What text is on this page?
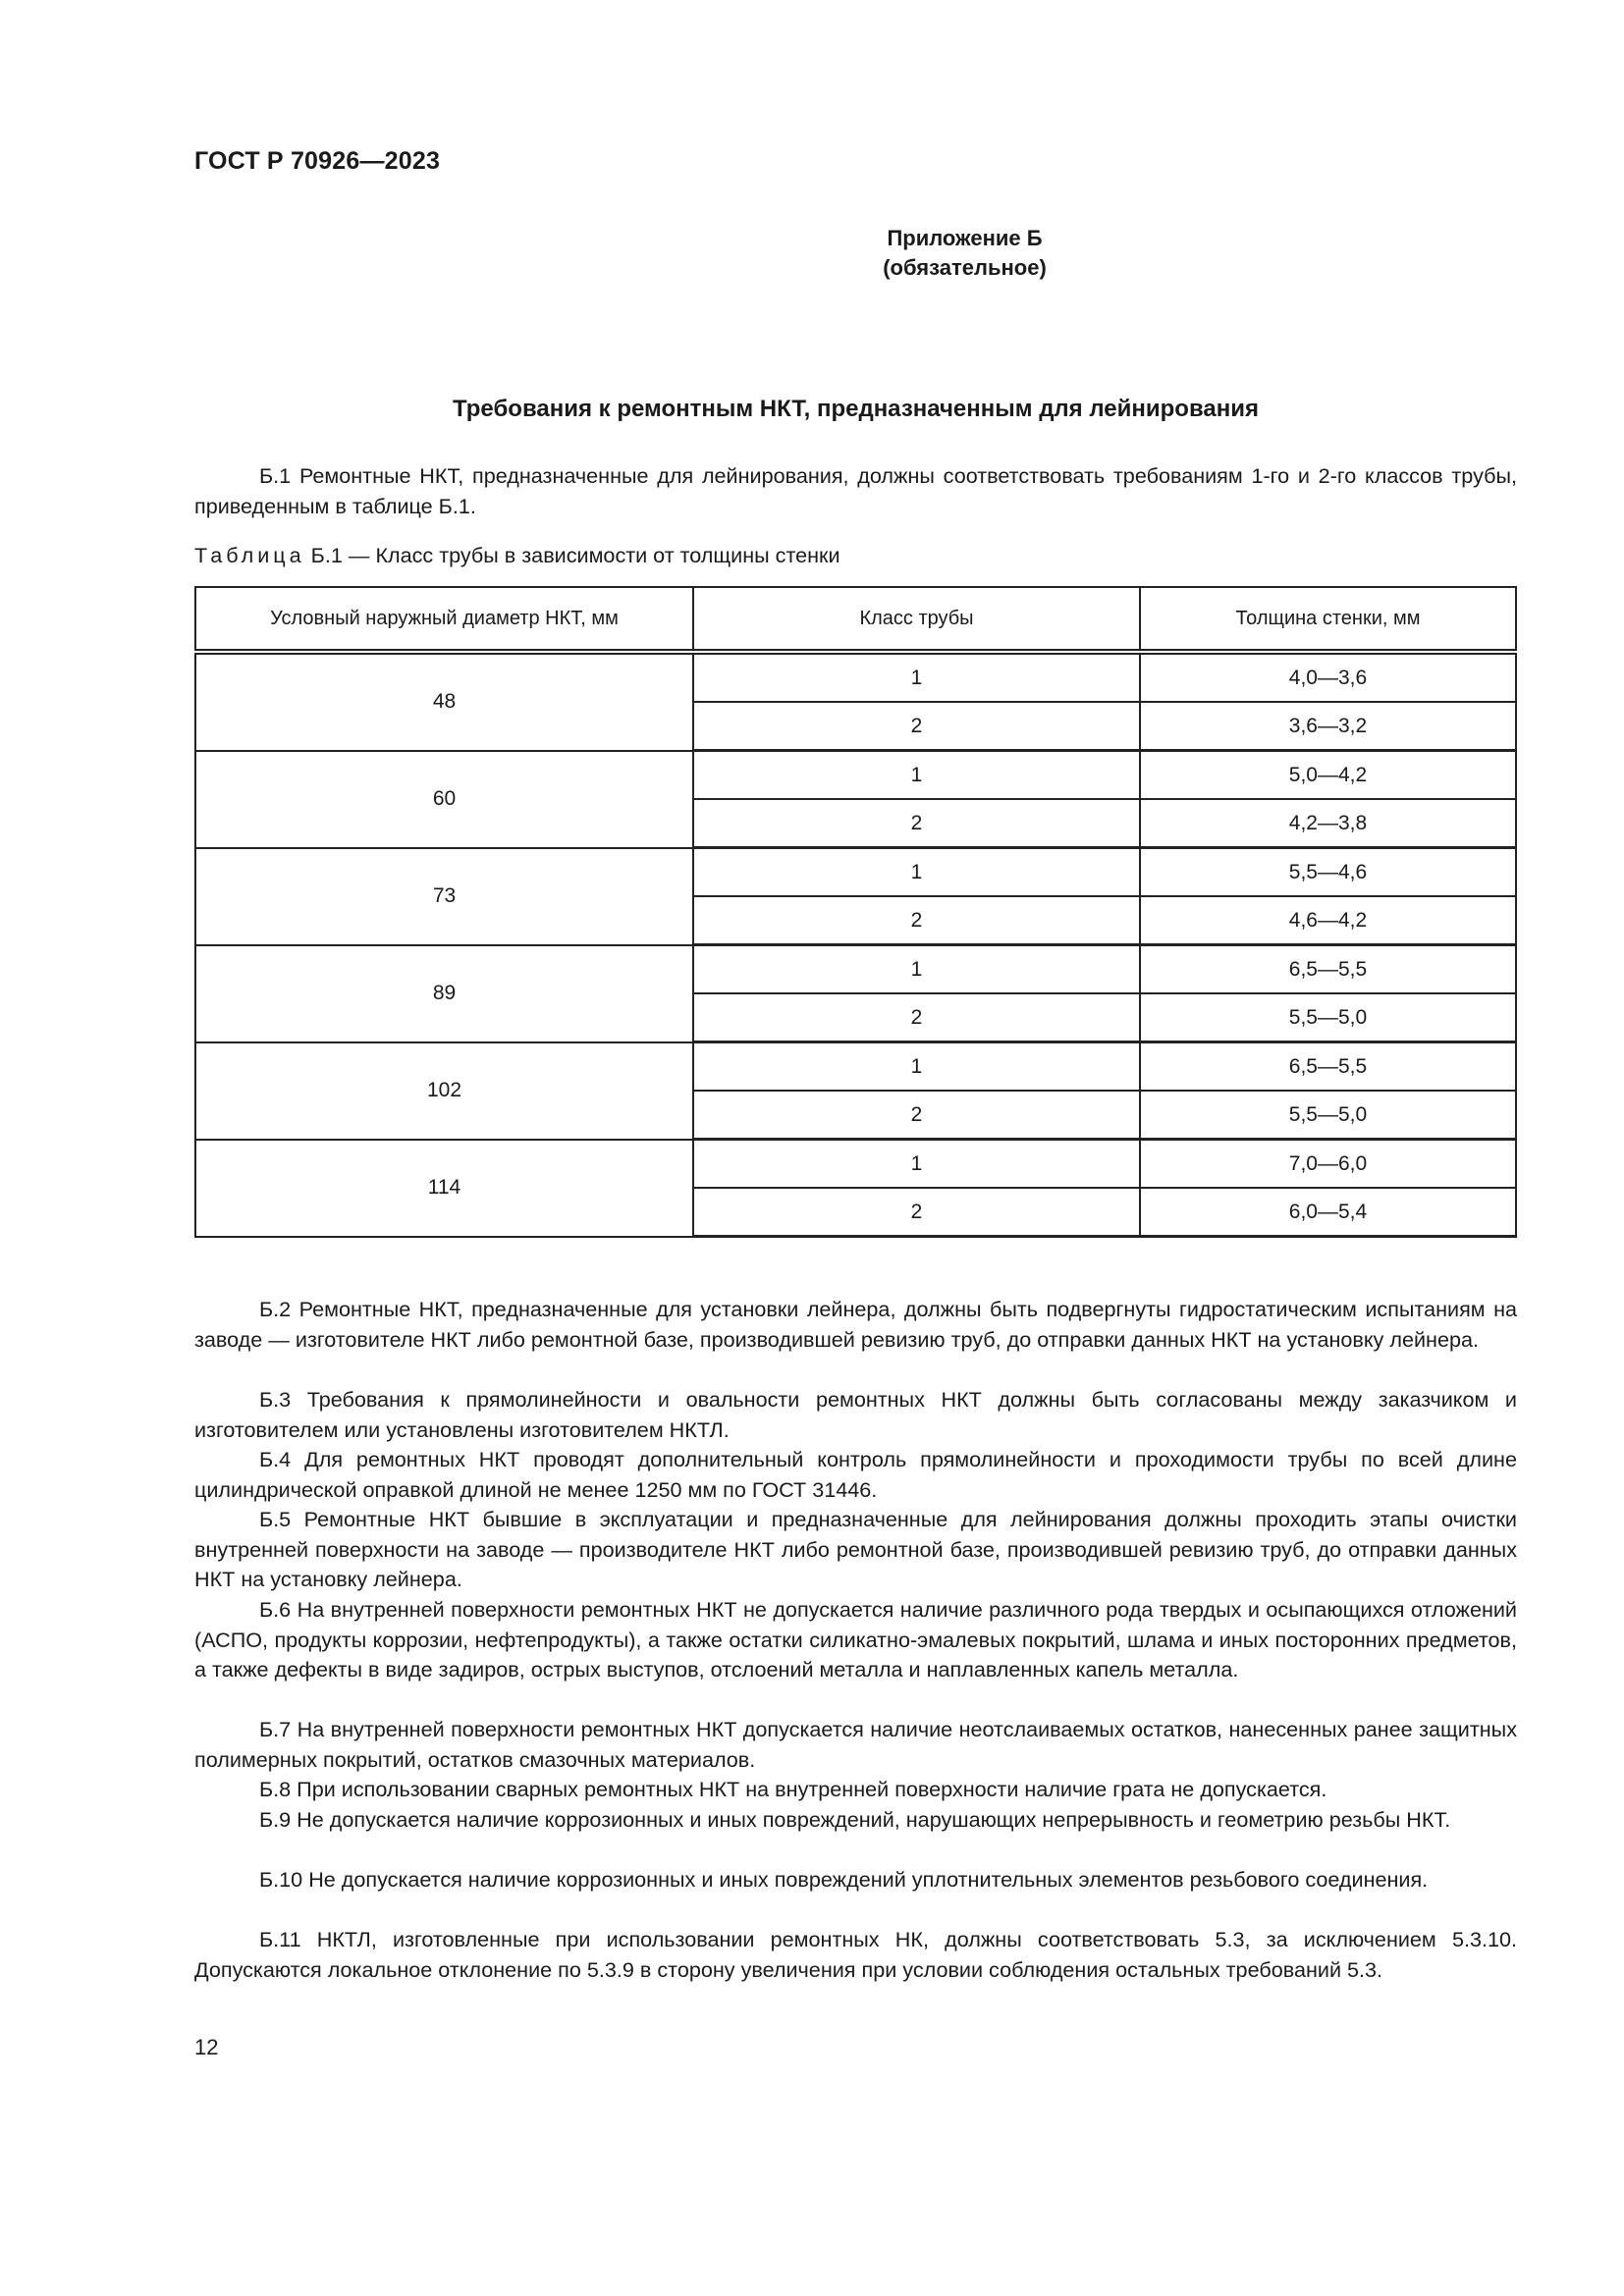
ГОСТ Р 70926—2023
Приложение Б
(обязательное)
Требования к ремонтным НКТ, предназначенным для лейнирования
Б.1 Ремонтные НКТ, предназначенные для лейнирования, должны соответствовать требованиям 1-го и 2-го классов трубы, приведенным в таблице Б.1.
Таблица Б.1 — Класс трубы в зависимости от толщины стенки
Условный наружный диаметр НКТ, мм	Класс трубы	Толщина стенки, мм
48	1	4,0—3,6
	2	3,6—3,2
60	1	5,0—4,2
	2	4,2—3,8
73	1	5,5—4,6
	2	4,6—4,2
89	1	6,5—5,5
	2	5,5—5,0
102	1	6,5—5,5
	2	5,5—5,0
114	1	7,0—6,0
	2	6,0—5,4
Б.2 Ремонтные НКТ, предназначенные для установки лейнера, должны быть подвергнуты гидростатическим испытаниям на заводе — изготовителе НКТ либо ремонтной базе, производившей ревизию труб, до отправки данных НКТ на установку лейнера.
Б.3 Требования к прямолинейности и овальности ремонтных НКТ должны быть согласованы между заказчиком и изготовителем или установлены изготовителем НКТЛ.
Б.4 Для ремонтных НКТ проводят дополнительный контроль прямолинейности и проходимости трубы по всей длине цилиндрической оправкой длиной не менее 1250 мм по ГОСТ 31446.
Б.5 Ремонтные НКТ бывшие в эксплуатации и предназначенные для лейнирования должны проходить этапы очистки внутренней поверхности на заводе — производителе НКТ либо ремонтной базе, производившей ревизию труб, до отправки данных НКТ на установку лейнера.
Б.6 На внутренней поверхности ремонтных НКТ не допускается наличие различного рода твердых и осыпающихся отложений (АСПО, продукты коррозии, нефтепродукты), а также остатки силикатно-эмалевых покрытий, шлама и иных посторонних предметов, а также дефекты в виде задиров, острых выступов, отслоений металла и наплавленных капель металла.
Б.7 На внутренней поверхности ремонтных НКТ допускается наличие неотслаиваемых остатков, нанесенных ранее защитных полимерных покрытий, остатков смазочных материалов.
Б.8 При использовании сварных ремонтных НКТ на внутренней поверхности наличие грата не допускается.
Б.9 Не допускается наличие коррозионных и иных повреждений, нарушающих непрерывность и геометрию резьбы НКТ.
Б.10 Не допускается наличие коррозионных и иных повреждений уплотнительных элементов резьбового соединения.
Б.11 НКТЛ, изготовленные при использовании ремонтных НК, должны соответствовать 5.3, за исключением 5.3.10. Допускаются локальное отклонение по 5.3.9 в сторону увеличения при условии соблюдения остальных требований 5.3.
12
